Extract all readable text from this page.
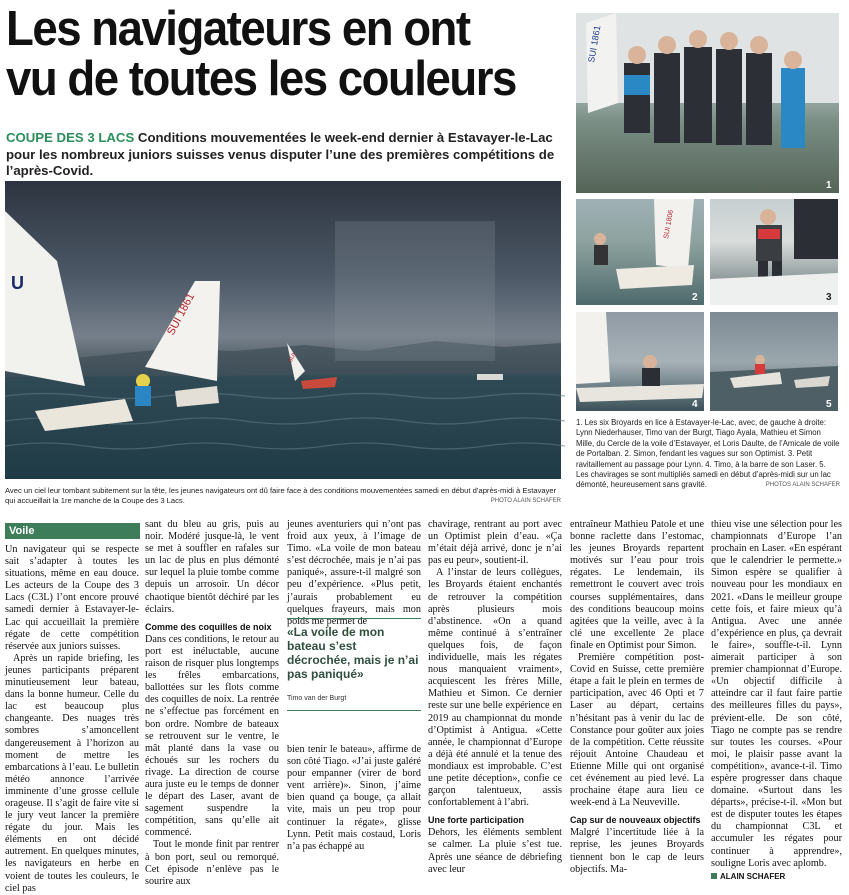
Les navigateurs en ont vu de toutes les couleurs
COUPE DES 3 LACS Conditions mouvementées le week-end dernier à Estavayer-le-Lac pour les nombreux juniors suisses venus disputer l’une des premières compétitions de l’après-Covid.
U
SUI 1861
SUI
Avec un ciel leur tombant subitement sur la tête, les jeunes navigateurs ont dû faire face à des conditions mouvementées samedi en début d’après-midi à Estavayer qui accueillait la 1re manche de la Coupe des 3 Lacs.	PHOTO ALAIN SCHAFER
SUI 1861
1
SUI 1806
2	3
4	5
1. Les six Broyards en lice à Estavayer-le-Lac, avec, de gauche à droite: Lynn Niederhauser, Timo van der Burgt, Tiago Ayala, Mathieu et Simon Mille, du Cercle de la voile d’Estavayer, et Loris Daulte, de l’Amicale de voile de Portalban. 2. Simon, fendant les vagues sur son Optimist. 3. Petit ravitaillement au passage pour Lynn. 4. Timo, à la barre de son Laser. 5. Les chavirages se sont multipliés samedi en début d’après-midi sur un lac démonté, heureusement sans gravité.	PHOTOS ALAIN SCHAFER
Voile

Un navigateur qui se respecte sait s’adapter à toutes les situations, même en eau douce. Les acteurs de la Coupe des 3 Lacs (C3L) l’ont encore prouvé samedi dernier à Estavayer-le-Lac qui accueillait la première régate de cette compétition réservée aux juniors suisses.

Après un rapide briefing, les jeunes participants préparent minutieusement leur bateau, dans la bonne humeur. Celle du lac est beaucoup plus changeante. Des nuages très sombres s’amoncellent dangereusement à l’horizon au moment de mettre les embarcations à l’eau. Le bulletin météo annonce l’arrivée imminente d’une grosse cellule orageuse. Il s’agit de faire vite si le jury veut lancer la première régate du jour. Mais les éléments en ont décidé autrement. En quelques minutes, les navigateurs en herbe en voient de toutes les couleurs, le ciel pas

sant du bleu au gris, puis au noir. Modéré jusque-là, le vent se met à souffler en rafales sur un lac de plus en plus démonté sur lequel la pluie tombe comme depuis un arrosoir. Un décor chaotique bientôt déchiré par les éclairs.

Comme des coquilles de noix

Dans ces conditions, le retour au port est inéluctable, aucune raison de risquer plus longtemps les frêles embarcations, ballottées sur les flots comme des coquilles de noix. La rentrée ne s’effectue pas forcément en bon ordre. Nombre de bateaux se retrouvent sur le ventre, le mât planté dans la vase ou échoués sur les rochers du rivage. La direction de course aura juste eu le temps de donner le départ des Laser, avant de sagement suspendre la compétition, sans qu’elle ait commencé.

Tout le monde finit par rentrer à bon port, seul ou remorqué. Cet épisode n’enlève pas le sourire aux

jeunes aventuriers qui n’ont pas froid aux yeux, à l’image de Timo. «La voile de mon bateau s’est décrochée, mais je n’ai pas paniqué», assure-t-il malgré son peu d’expérience. «Plus petit, j’aurais probablement eu quelques frayeurs, mais mon poids me permet de

«La voile de mon bateau s’est décrochée, mais je n’ai pas paniqué»
Timo van der Burgt

bien tenir le bateau», affirme de son côté Tiago. «J’ai juste galéré pour empanner (virer de bord vent arrière)». Sinon, j’aime bien quand ça bouge, ça allait vite, mais un peu trop pour continuer la régate», glisse Lynn. Petit mais costaud, Loris n’a pas échappé au

chavirage, rentrant au port avec un Optimist plein d’eau. «Ça m’était déjà arrivé, donc je n’ai pas eu peur», soutient-il.

A l’instar de leurs collègues, les Broyards étaient enchantés de retrouver la compétition après plusieurs mois d’abstinence. «On a quand même continué à s’entraîner quelques fois, de façon individuelle, mais les régates nous manquaient vraiment», acquiescent les frères Mille, Mathieu et Simon. Ce dernier reste sur une belle expérience en 2019 au championnat du monde d’Optimist à Antigua. «Cette année, le championnat d’Europe a déjà été annulé et la tenue des mondiaux est improbable. C’est une petite déception», confie ce garçon talentueux, assis confortablement à l’abri.

Une forte participation

Dehors, les éléments semblent se calmer. La pluie s’est tue. Après une séance de débriefing avec leur

entraîneur Mathieu Patole et une bonne raclette dans l’estomac, les jeunes Broyards repartent motivés sur l’eau pour trois régates. Le lendemain, ils remettront le couvert avec trois courses supplémentaires, dans des conditions beaucoup moins agitées que la veille, avec à la clé une excellente 2e place finale en Optimist pour Simon.

Première compétition post-Covid en Suisse, cette première étape a fait le plein en termes de participation, avec 46 Opti et 7 Laser au départ, certains n’hésitant pas à venir du lac de Constance pour goûter aux joies de la compétition. Cette réussite réjouit Antoine Chaudeau et Etienne Mille qui ont organisé cet événement au pied levé. La prochaine étape aura lieu ce week-end à La Neuveville.

Cap sur de nouveaux objectifs

Malgré l’incertitude liée à la reprise, les jeunes Broyards tiennent bon le cap de leurs objectifs. Ma-

thieu vise une sélection pour les championnats d’Europe l’an prochain en Laser. «En espérant que le calendrier le permette.» Simon espère se qualifier à nouveau pour les mondiaux en 2021. «Dans le meilleur groupe cette fois, et faire mieux qu’à Antigua. Avec une année d’expérience en plus, ça devrait le faire», souffle-t-il. Lynn aimerait participer à son premier championnat d’Europe. «Un objectif difficile à atteindre car il faut faire partie des meilleures filles du pays», prévient-elle. De son côté, Tiago ne compte pas se rendre sur toutes les courses. «Pour moi, le plaisir passe avant la compétition», avance-t-il. Timo espère progresser dans chaque domaine. «Surtout dans les départs», précise-t-il. «Mon but est de disputer toutes les étapes du championnat C3L et accumuler les régates pour continuer à apprendre», souligne Loris avec aplomb.

ALAIN SCHAFER
